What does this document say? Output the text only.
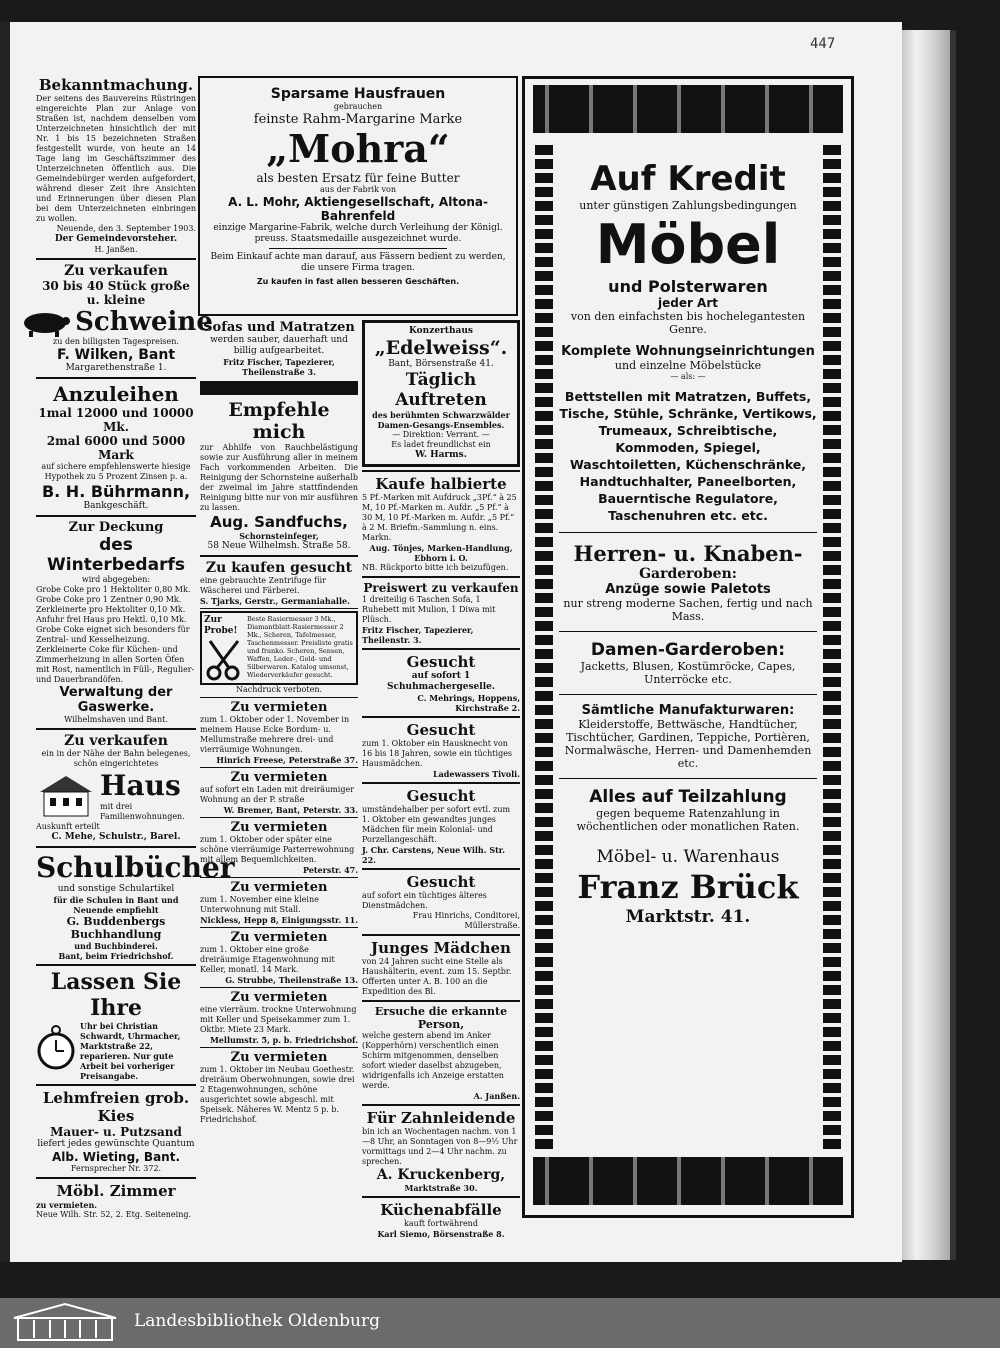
447
Bekanntmachung.

Der seitens des Bauvereins Rüstringen eingereichte Plan zur Anlage von Straßen ist, nachdem denselben vom Unterzeichneten hinsichtlich der mit Nr. 1 bis 15 bezeichneten Straßen festgestellt wurde, von heute an 14 Tage lang im Geschäftszimmer des Unterzeichneten öffentlich aus. Die Gemeindebürger werden aufgefordert, während dieser Zeit ihre Ansichten und Erinnerungen über diesen Plan bei dem Unterzeichneten einbringen zu wollen.

Neuende, den 3. September 1903.

Der Gemeindevorsteher.
H. Janßen.
Zu verkaufen
30 bis 40 Stück große u. kleine
Schweine
zu den billigsten Tagespreisen.
F. Wilken, Bant
Margarethenstraße 1.
Anzuleihen
1mal 12000 und 10000 Mk.
2mal 6000 und 5000 Mark

auf sichere empfehlenswerte hiesige Hypothek zu 5 Prozent Zinsen p. a.

B. H. Bührmann,
Bankgeschäft.
Zur Deckung
des Winterbedarfs
wird abgegeben:
Grobe Coke pro 1 Hektoliter 0,80 Mk.
Grobe Coke pro 1 Zentner 0,90 Mk.
Zerkleinerte pro Hektoliter 0,10 Mk.
Anfuhr frei Haus pro Hektl. 0,10 Mk.

Grobe Coke eignet sich besonders für Zentral- und Kesselheizung. Zerkleinerte Coke für Küchen- und Zimmerheizung in allen Sorten Öfen mit Rost, namentlich in Füll-, Regulier- und Dauerbrandöfen.

Verwaltung der Gaswerke.
Wilhelmshaven und Bant.
Zu verkaufen
ein in der Nähe der Bahn belegenes, schön eingerichtetes
Haus
mit drei Familienwohnungen.
Auskunft erteilt
C. Mehe, Schulstr., Barel.
Schulbücher
und sonstige Schulartikel
für die Schulen in Bant und Neuende empfiehlt
G. Buddenbergs Buchhandlung
und Buchbinderei.
Bant, beim Friedrichshof.
Lassen Sie Ihre

Uhr bei Christian Schwardt, Uhrmacher, Marktstraße 22, reparieren. Nur gute Arbeit bei vorheriger Preisangabe.

Lehmfreien grob. Kies
Mauer- u. Putzsand
liefert jedes gewünschte Quantum
Alb. Wieting, Bant.
Fernsprecher Nr. 372.
Möbl. Zimmer
zu vermieten.
Neue Wilh. Str. 52, 2. Etg. Seiteneing.
Sparsame Hausfrauen
gebrauchen
feinste Rahm-Margarine Marke
„Mohra“
als besten Ersatz für feine Butter
aus der Fabrik von
A. L. Mohr, Aktiengesellschaft, Altona-Bahrenfeld
einzige Margarine-Fabrik, welche durch Verleihung der Königl. preuss. Staatsmedaille ausgezeichnet wurde.
Beim Einkauf achte man darauf, aus Fässern bedient zu werden, die unsere Firma tragen.
Zu kaufen in fast allen besseren Geschäften.
Sofas und Matratzen
werden sauber, dauerhaft und billig aufgearbeitet.
Fritz Fischer, Tapezierer, Theilenstraße 3.
Empfehle mich

zur Abhilfe von Rauchbelästigung sowie zur Ausführung aller in meinem Fach vorkommenden Arbeiten. Die Reinigung der Schornsteine außerhalb der zweimal im Jahre stattfindenden Reinigung bitte nur von mir ausführen zu lassen.

Aug. Sandfuchs,
Schornsteinfeger,
58 Neue Wilhelmsh. Straße 58.
Zu kaufen gesucht
eine gebrauchte Zentrifuge für Wäscherei und Färberei.
S. Tjarks, Gerstr., Germaniahalle.
Zur Probe!

Beste Rasiermesser 3 Mk., Diamantblatt-Rasiermesser 2 Mk., Scheren, Tafelmesser, Taschenmesser. Preisliste gratis und franko. Scheren, Sensen, Waffen, Leder-, Gold- und Silberwaren. Katalog umsonst, Wiederverkäufer gesucht.

Nachdruck verboten.
Zu vermieten

zum 1. Oktober oder 1. November in meinem Hause Ecke Bordum- u. Mellumstraße mehrere drei- und vierräumige Wohnungen.

Hinrich Freese, Peterstraße 37.
Zu vermieten

auf sofort ein Laden mit dreiräumiger Wohnung an der P. straße

W. Bremer, Bant, Peterstr. 33.
Zu vermieten

zum 1. Oktober oder später eine schöne vierräumige Parterrewohnung mit allem Bequemlichkeiten.

Peterstr. 47.
Zu vermieten

zum 1. November eine kleine Unterwohnung mit Stall.

Nickless, Hepp 8, Einigungsstr. 11.
Zu vermieten

zum 1. Oktober eine große dreiräumige Etagenwohnung mit Keller, monatl. 14 Mark.

G. Strubbe, Theilenstraße 13.
Zu vermieten

eine vierräum. trockne Unterwohnung mit Keller und Speisekammer zum 1. Oktbr. Miete 23 Mark.

Mellumstr. 5, p. b. Friedrichshof.
Zu vermieten

zum 1. Oktober im Neubau Goethestr. dreiräum Oberwohnungen, sowie drei 2 Etagenwohnungen, schöne ausgerichtet sowie abgeschl. mit Speisek. Näheres W. Mentz 5 p. b. Friedrichshof.

Konzerthaus
„Edelweiss“.
Bant, Börsenstraße 41.
Täglich Auftreten
des berühmten Schwarzwälder Damen-Gesangs-Ensembles.
— Direktion: Verrant. —
Es ladet freundlichst ein
W. Harms.
Kaufe halbierte

5 Pf.-Marken mit Aufdruck „3Pf.“ à 25 M, 10 Pf.-Marken m. Aufdr. „5 Pf.“ à 30 M, 10 Pf.-Marken m. Aufdr. „5 Pf.“ à 2 M. Briefm.-Sammlung n. eins. Markn.

Aug. Tönjes, Marken-Handlung, Ebhorn i. O.
NB. Rückporto bitte ich beizufügen.
Preiswert zu verkaufen

1 dreiteilig 6 Taschen Sofa, 1 Ruhebett mit Mulion, 1 Diwa mit Plüsch.

Fritz Fischer, Tapezierer, Theilenstr. 3.
Gesucht
auf sofort 1 Schuhmachergeselle.
C. Mehrings, Hoppens, Kirchstraße 2.
Gesucht

zum 1. Oktober ein Hausknecht von 16 bis 18 Jahren, sowie ein tüchtiges Hausmädchen.

Ladewassers Tivoli.
Gesucht

umständehalber per sofort evtl. zum 1. Oktober ein gewandtes junges Mädchen für mein Kolonial- und Porzellangeschäft.

J. Chr. Carstens, Neue Wilh. Str. 22.
Gesucht

auf sofort ein tüchtiges älteres Dienstmädchen.

Frau Hinrichs, Conditorei, Müllerstraße.
Junges Mädchen

von 24 Jahren sucht eine Stelle als Haushälterin, event. zum 15. Septbr. Offerten unter A. B. 100 an die Expedition des Bl.

Ersuche die erkannte Person,

welche gestern abend im Anker (Kopperhörn) verschentlich einen Schirm mitgenommen, denselben sofort wieder daselbst abzugeben, widrigenfalls ich Anzeige erstatten werde.

A. Janßen.
Für Zahnleidende

bin ich an Wochentagen nachm. von 1—8 Uhr, an Sonntagen von 8—9½ Uhr vormittags und 2—4 Uhr nachm. zu sprechen.

A. Kruckenberg,
Marktstraße 30.
Küchenabfälle
kauft fortwährend
Karl Siemo, Börsenstraße 8.
Auf Kredit
unter günstigen Zahlungsbedingungen
Möbel
und Polsterwaren
jeder Art
von den einfachsten bis hochelegantesten Genre.
Komplete Wohnungseinrichtungen
und einzelne Möbelstücke
— als: —
Bettstellen mit Matratzen, Buffets, Tische, Stühle, Schränke, Vertikows, Trumeaux, Schreibtische, Kommoden, Spiegel, Waschtoiletten, Küchenschränke, Handtuchhalter, Paneelborten, Bauerntische Regulatore, Taschenuhren etc. etc.
Herren- u. Knaben-
Garderoben:
Anzüge sowie Paletots
nur streng moderne Sachen, fertig und nach Mass.
Damen-Garderoben:
Jacketts, Blusen, Kostümröcke, Capes, Unterröcke etc.
Sämtliche Manufakturwaren:
Kleiderstoffe, Bettwäsche, Handtücher, Tischtücher, Gardinen, Teppiche, Portièren, Normalwäsche, Herren- und Damenhemden etc.
Alles auf Teilzahlung
gegen bequeme Ratenzahlung in wöchentlichen oder monatlichen Raten.
Möbel- u. Warenhaus
Franz Brück
Marktstr. 41.
Landesbibliothek Oldenburg
